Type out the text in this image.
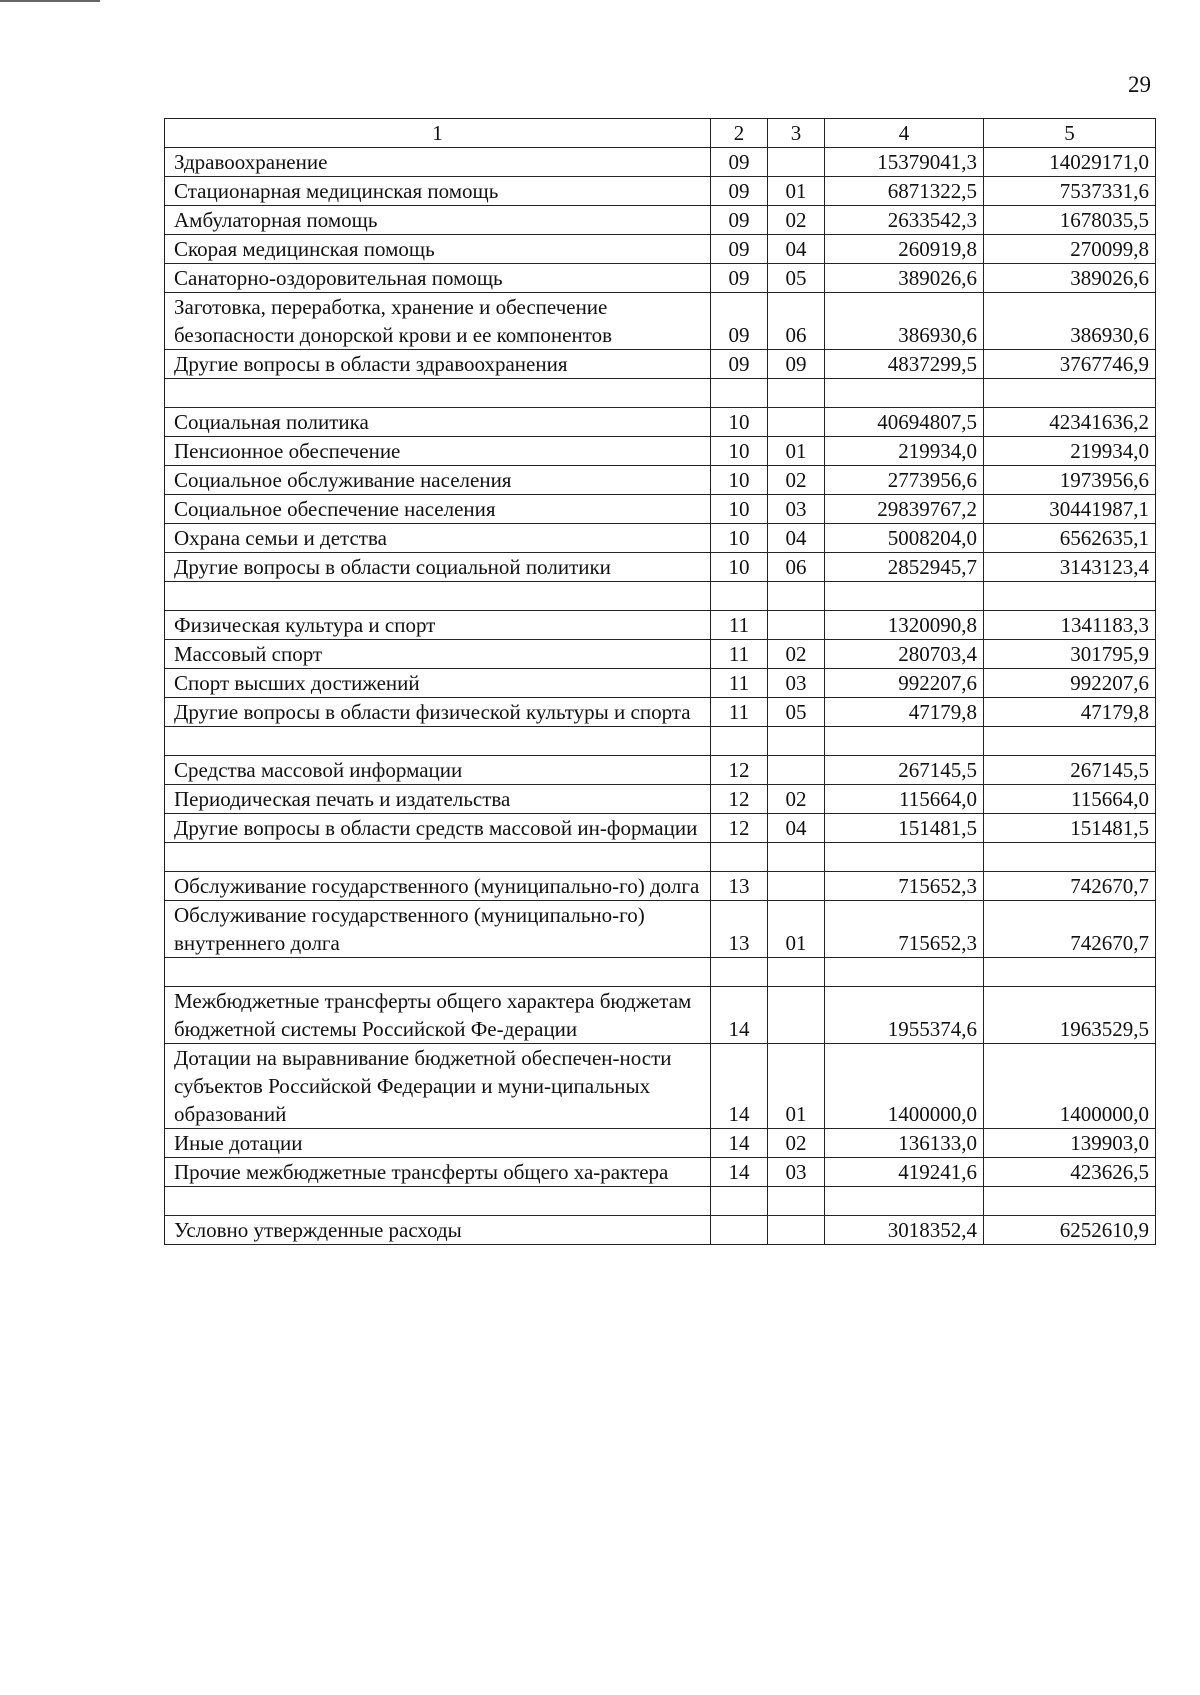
29
1	2	3	4	5
Здравоохранение	09		15379041,3	14029171,0
Стационарная медицинская помощь	09	01	6871322,5	7537331,6
Амбулаторная помощь	09	02	2633542,3	1678035,5
Скорая медицинская помощь	09	04	260919,8	270099,8
Санаторно-оздоровительная помощь	09	05	389026,6	389026,6
Заготовка, переработка, хранение и обеспечение безопасности донорской крови и ее компонентов	09	06	386930,6	386930,6
Другие вопросы в области здравоохранения	09	09	4837299,5	3767746,9

Социальная политика	10		40694807,5	42341636,2
Пенсионное обеспечение	10	01	219934,0	219934,0
Социальное обслуживание населения	10	02	2773956,6	1973956,6
Социальное обеспечение населения	10	03	29839767,2	30441987,1
Охрана семьи и детства	10	04	5008204,0	6562635,1
Другие вопросы в области социальной политики	10	06	2852945,7	3143123,4

Физическая культура и спорт	11		1320090,8	1341183,3
Массовый спорт	11	02	280703,4	301795,9
Спорт высших достижений	11	03	992207,6	992207,6
Другие вопросы в области физической культуры и спорта	11	05	47179,8	47179,8

Средства массовой информации	12		267145,5	267145,5
Периодическая печать и издательства	12	02	115664,0	115664,0
Другие вопросы в области средств массовой ин-формации	12	04	151481,5	151481,5

Обслуживание государственного (муниципально-го) долга	13		715652,3	742670,7
Обслуживание государственного (муниципально-го) внутреннего долга	13	01	715652,3	742670,7

Межбюджетные трансферты общего характера бюджетам бюджетной системы Российской Фе-дерации	14		1955374,6	1963529,5
Дотации на выравнивание бюджетной обеспечен-ности субъектов Российской Федерации и муни-ципальных образований	14	01	1400000,0	1400000,0
Иные дотации	14	02	136133,0	139903,0
Прочие межбюджетные трансферты общего ха-рактера	14	03	419241,6	423626,5

Условно утвержденные расходы			3018352,4	6252610,9
